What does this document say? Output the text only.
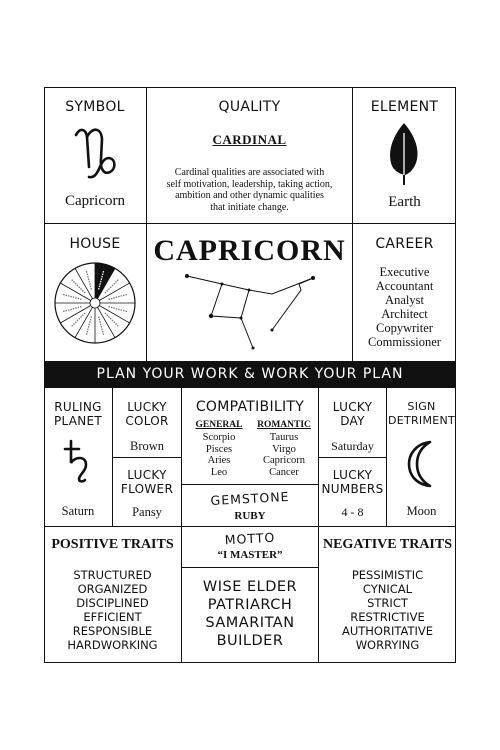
SYMBOL
Capricorn
QUALITY
CARDINAL
Cardinal qualities are associated with
self motivation, leadership, taking action,
ambition and other dynamic qualities
that initiate change.
ELEMENT
Earth
HOUSE	CAPRICORN	CAREER
Executive
Accountant
Analyst
Architect
Copywriter
Commissioner
PLAN YOUR WORK & WORK YOUR PLAN
RULING
PLANET
Saturn
LUCKY
COLOR
Brown
LUCKY
FLOWER
Pansy
COMPATIBILITY
GENERAL
Scorpio
Pisces
Aries
Leo
ROMANTIC
Taurus
Virgo
Capricorn
Cancer
GEMSTONE
RUBY
LUCKY
DAY
Saturday
LUCKY
NUMBERS
4 - 8
SIGN
DETRIMENT
Moon
POSITIVE TRAITS
STRUCTURED
ORGANIZED
DISCIPLINED
EFFICIENT
RESPONSIBLE
HARDWORKING
MOTTO
“I MASTER”
WISE ELDER
PATRIARCH
SAMARITAN
BUILDER
NEGATIVE TRAITS
PESSIMISTIC
CYNICAL
STRICT
RESTRICTIVE
AUTHORITATIVE
WORRYING
